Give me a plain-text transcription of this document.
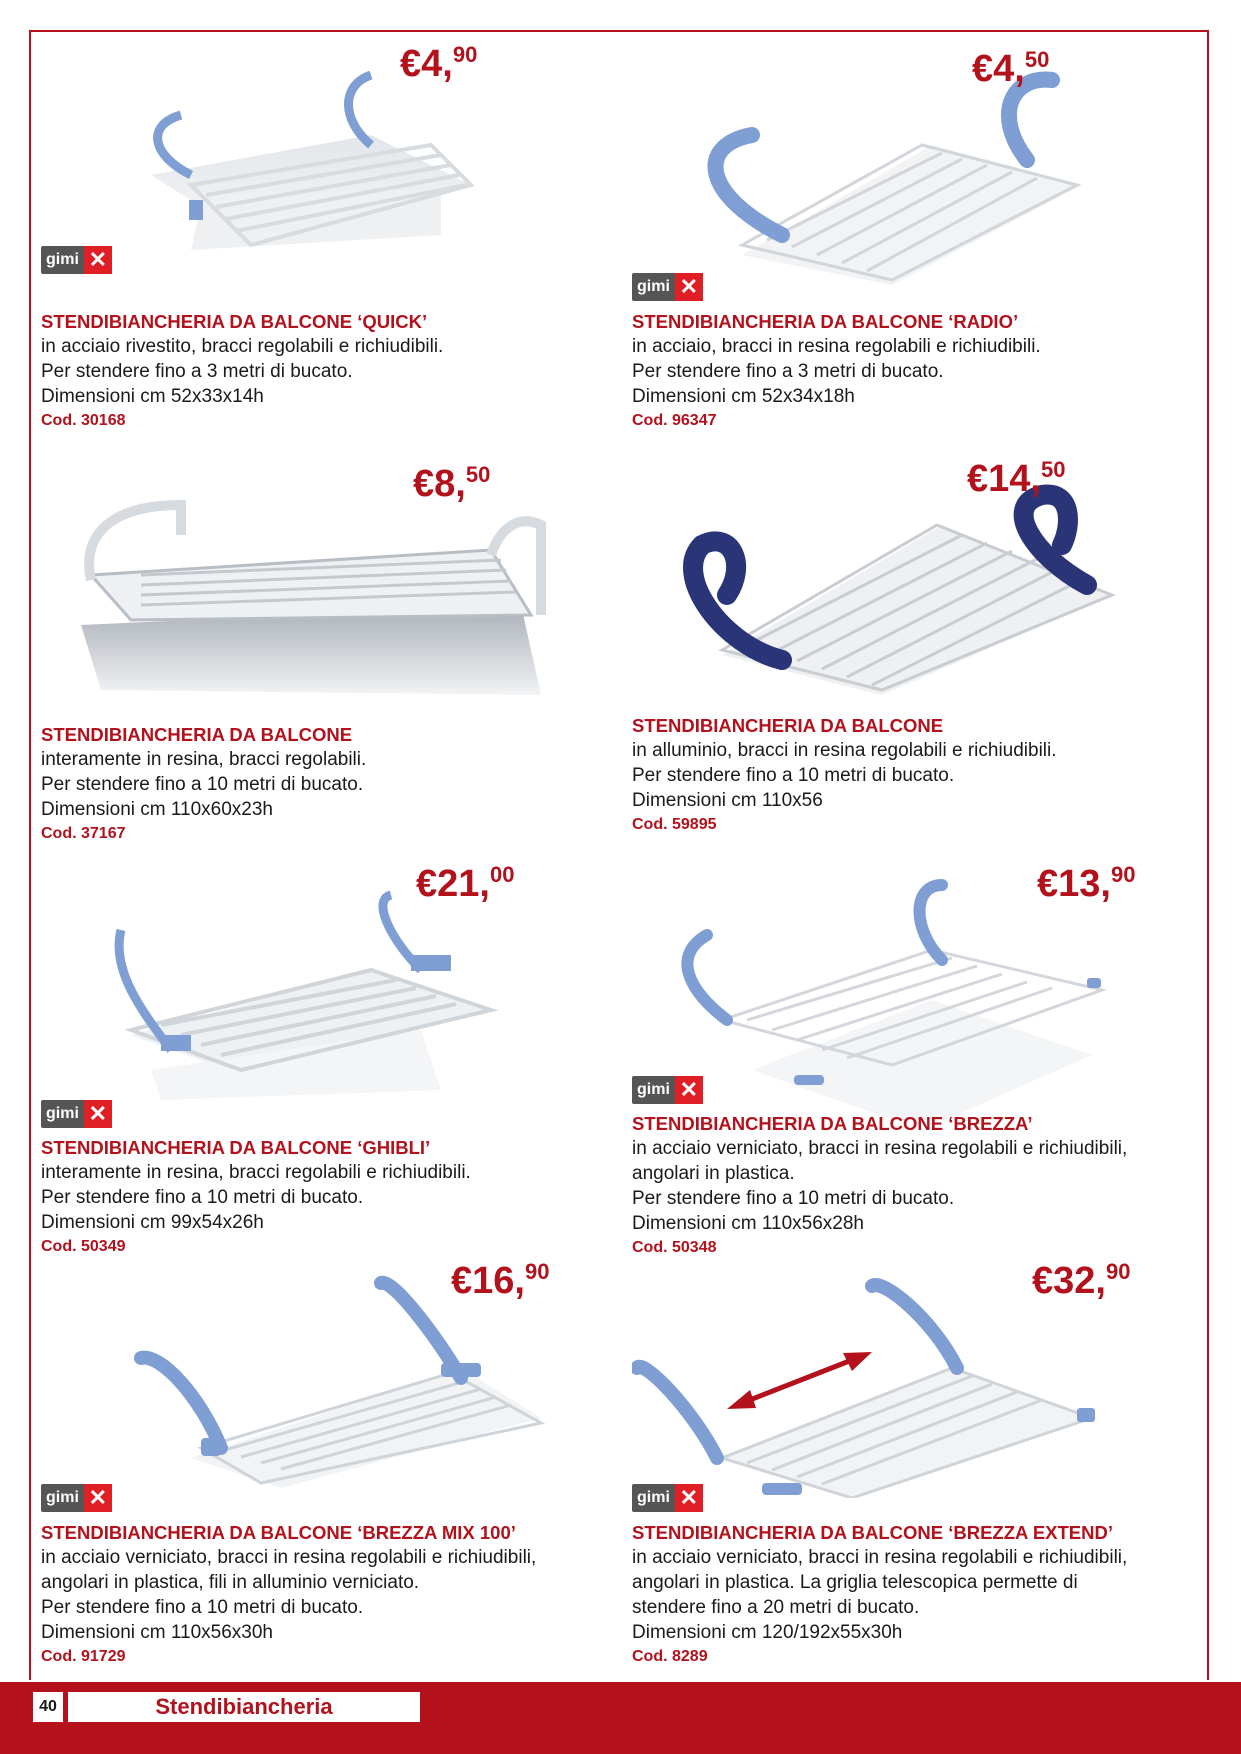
€4,90
gimi ✕
STENDIBIANCHERIA DA BALCONE ‘QUICK’
in acciaio rivestito, bracci regolabili e richiudibili.
Per stendere fino a 3 metri di bucato.
Dimensioni cm 52x33x14h
Cod. 30168
€4,50
gimi ✕
STENDIBIANCHERIA DA BALCONE ‘RADIO’
in acciaio, bracci in resina regolabili e richiudibili.
Per stendere fino a 3 metri di bucato.
Dimensioni cm 52x34x18h
Cod. 96347
€8,50
STENDIBIANCHERIA DA BALCONE
interamente in resina, bracci regolabili.
Per stendere fino a 10 metri di bucato.
Dimensioni cm 110x60x23h
Cod. 37167
€14,50
STENDIBIANCHERIA DA BALCONE
in alluminio, bracci in resina regolabili e richiudibili.
Per stendere fino a 10 metri di bucato.
Dimensioni cm 110x56
Cod. 59895
€21,00
gimi ✕
STENDIBIANCHERIA DA BALCONE ‘GHIBLI’
interamente in resina, bracci regolabili e richiudibili.
Per stendere fino a 10 metri di bucato.
Dimensioni cm 99x54x26h
Cod. 50349
€13,90
gimi ✕
STENDIBIANCHERIA DA BALCONE ‘BREZZA’
in acciaio verniciato, bracci in resina regolabili e richiudibili,
angolari in plastica.
Per stendere fino a 10 metri di bucato.
Dimensioni cm 110x56x28h
Cod. 50348
€16,90
gimi ✕
STENDIBIANCHERIA DA BALCONE ‘BREZZA MIX 100’
in acciaio verniciato, bracci in resina regolabili e richiudibili,
angolari in plastica, fili in alluminio verniciato.
Per stendere fino a 10 metri di bucato.
Dimensioni cm 110x56x30h
Cod. 91729
€32,90
gimi ✕
STENDIBIANCHERIA DA BALCONE ‘BREZZA EXTEND’
in acciaio verniciato, bracci in resina regolabili e richiudibili,
angolari in plastica. La griglia telescopica permette di
stendere fino a 20 metri di bucato.
Dimensioni cm 120/192x55x30h
Cod. 8289
40	Stendibiancheria
